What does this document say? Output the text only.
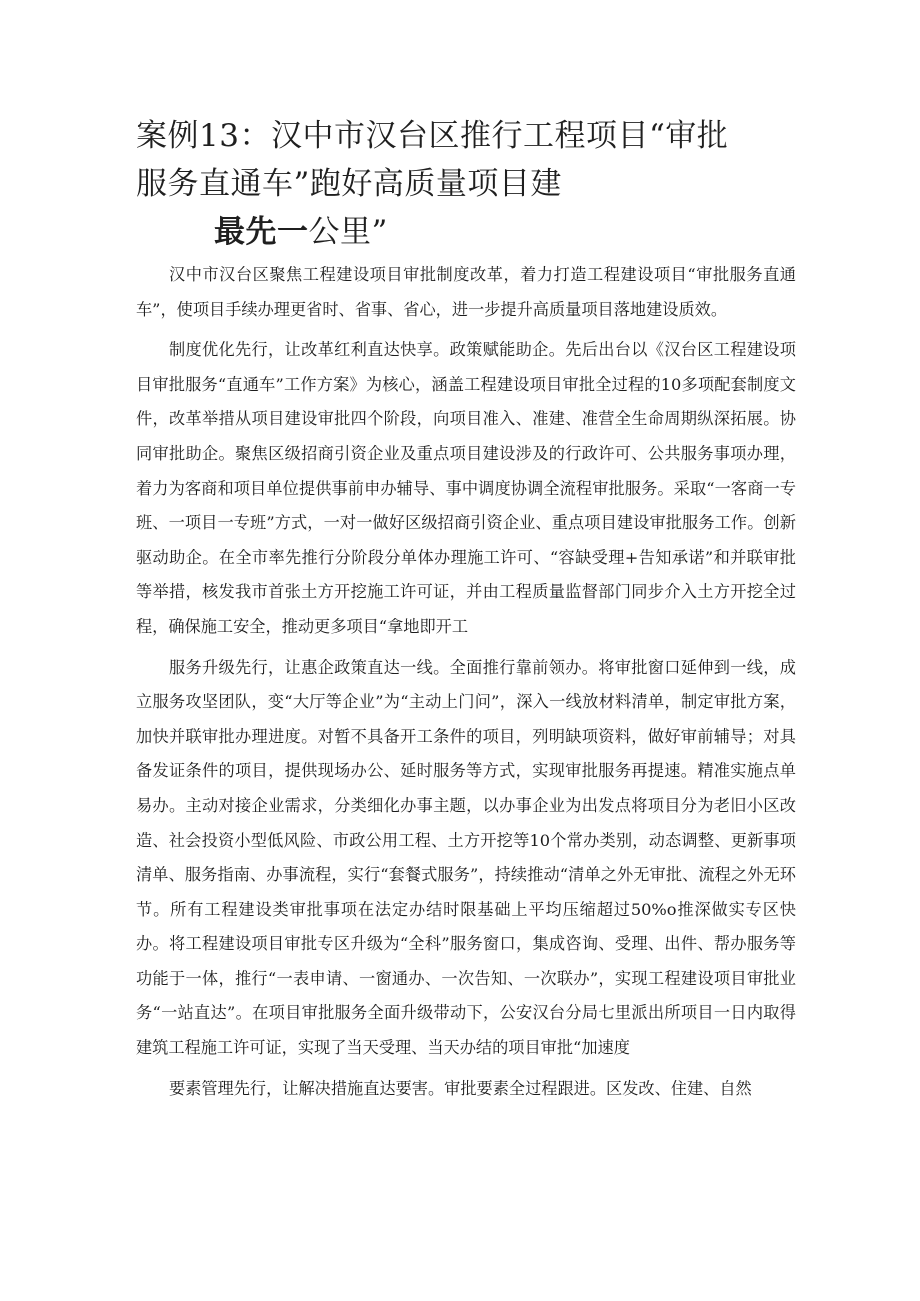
案例13：汉中市汉台区推行工程项目“审批
服务直通车”跑好高质量项目建
最先一公里”

汉中市汉台区聚焦工程建设项目审批制度改革，着力打造工程建设项目“审批服务直通车”，使项目手续办理更省时、省事、省心，进一步提升高质量项目落地建设质效。

制度优化先行，让改革红利直达快享。政策赋能助企。先后出台以《汉台区工程建设项目审批服务“直通车”工作方案》为核心，涵盖工程建设项目审批全过程的10多项配套制度文件，改革举措从项目建设审批四个阶段，向项目准入、准建、准营全生命周期纵深拓展。协同审批助企。聚焦区级招商引资企业及重点项目建设涉及的行政许可、公共服务事项办理，着力为客商和项目单位提供事前申办辅导、事中调度协调全流程审批服务。采取“一客商一专班、一项目一专班”方式，一对一做好区级招商引资企业、重点项目建设审批服务工作。创新驱动助企。在全市率先推行分阶段分单体办理施工许可、“容缺受理+告知承诺”和并联审批等举措，核发我市首张土方开挖施工许可证，并由工程质量监督部门同步介入土方开挖全过程，确保施工安全，推动更多项目“拿地即开工

服务升级先行，让惠企政策直达一线。全面推行靠前领办。将审批窗口延伸到一线，成立服务攻坚团队，变“大厅等企业”为“主动上门问”，深入一线放材料清单，制定审批方案，加快并联审批办理进度。对暂不具备开工条件的项目，列明缺项资料，做好审前辅导；对具备发证条件的项目，提供现场办公、延时服务等方式，实现审批服务再提速。精准实施点单易办。主动对接企业需求，分类细化办事主题，以办事企业为出发点将项目分为老旧小区改造、社会投资小型低风险、市政公用工程、土方开挖等10个常办类别，动态调整、更新事项清单、服务指南、办事流程，实行“套餐式服务”，持续推动“清单之外无审批、流程之外无环节。所有工程建设类审批事项在法定办结时限基础上平均压缩超过50%o推深做实专区快办。将工程建设项目审批专区升级为“全科”服务窗口，集成咨询、受理、出件、帮办服务等功能于一体，推行“一表申请、一窗通办、一次告知、一次联办”，实现工程建设项目审批业务“一站直达”。在项目审批服务全面升级带动下，公安汉台分局七里派出所项目一日内取得建筑工程施工许可证，实现了当天受理、当天办结的项目审批“加速度

要素管理先行，让解决措施直达要害。审批要素全过程跟进。区发改、住建、自然
